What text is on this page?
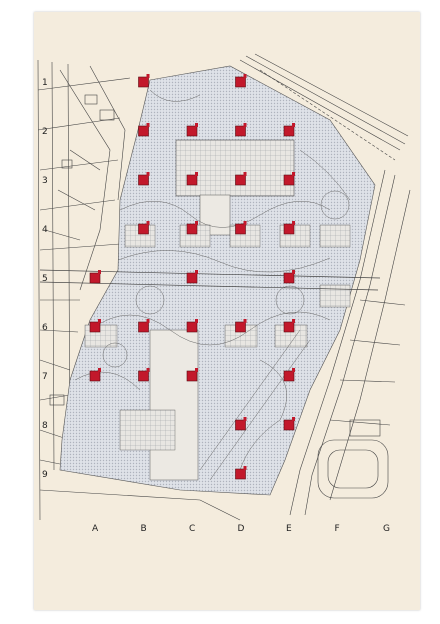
1
2
3
4
5
6
7
8
9
A	B	C	D	E	F	G
